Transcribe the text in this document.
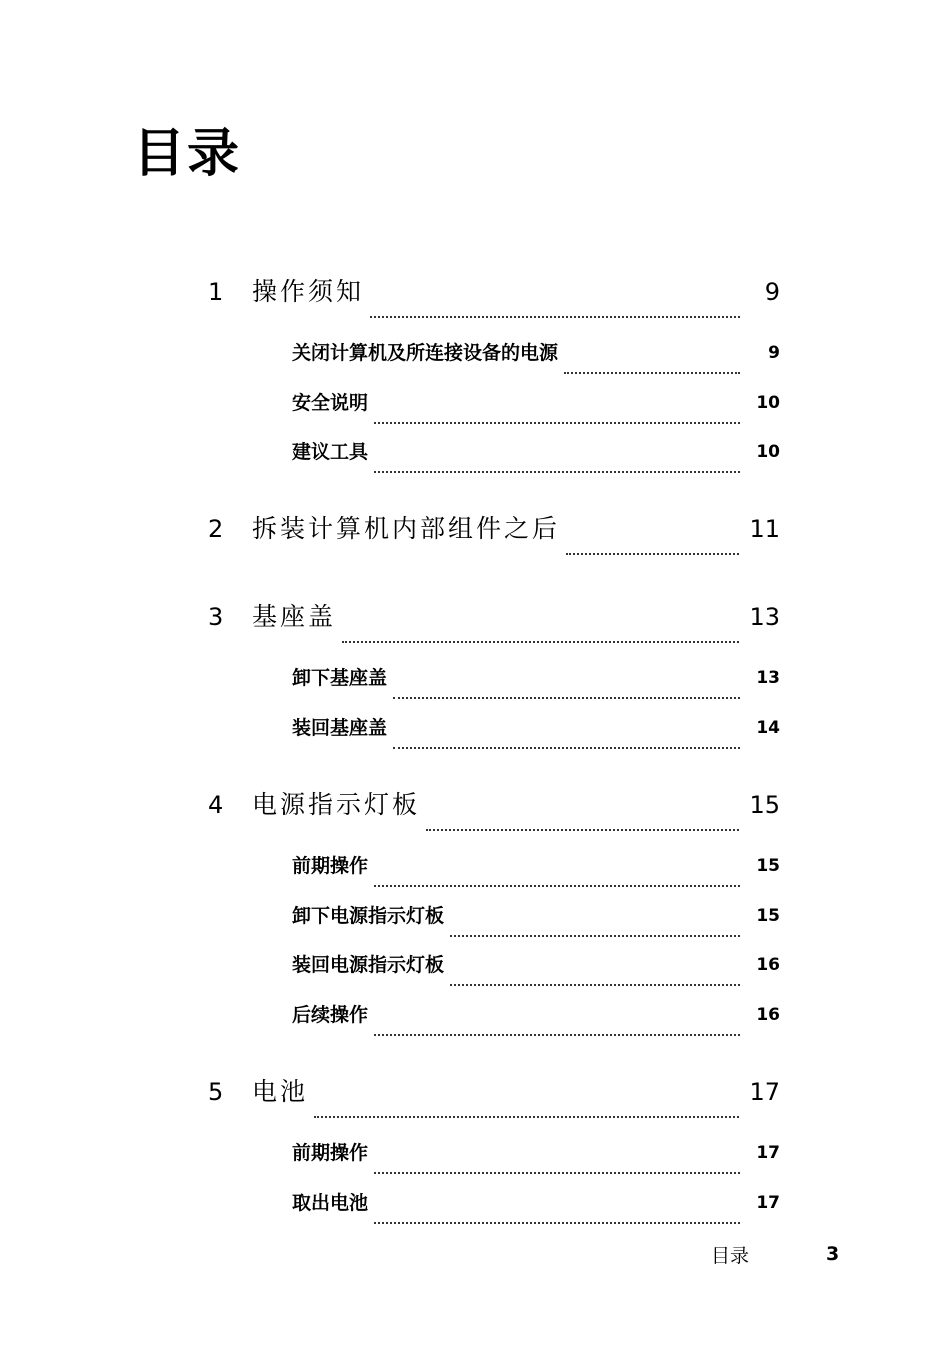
目录
1	操作须知	9
关闭计算机及所连接设备的电源	9
安全说明	10
建议工具	10
2	拆装计算机内部组件之后	11
3	基座盖	13
卸下基座盖	13
装回基座盖	14
4	电源指示灯板	15
前期操作	15
卸下电源指示灯板	15
装回电源指示灯板	16
后续操作	16
5	电池	17
前期操作	17
取出电池	17
目录	3
